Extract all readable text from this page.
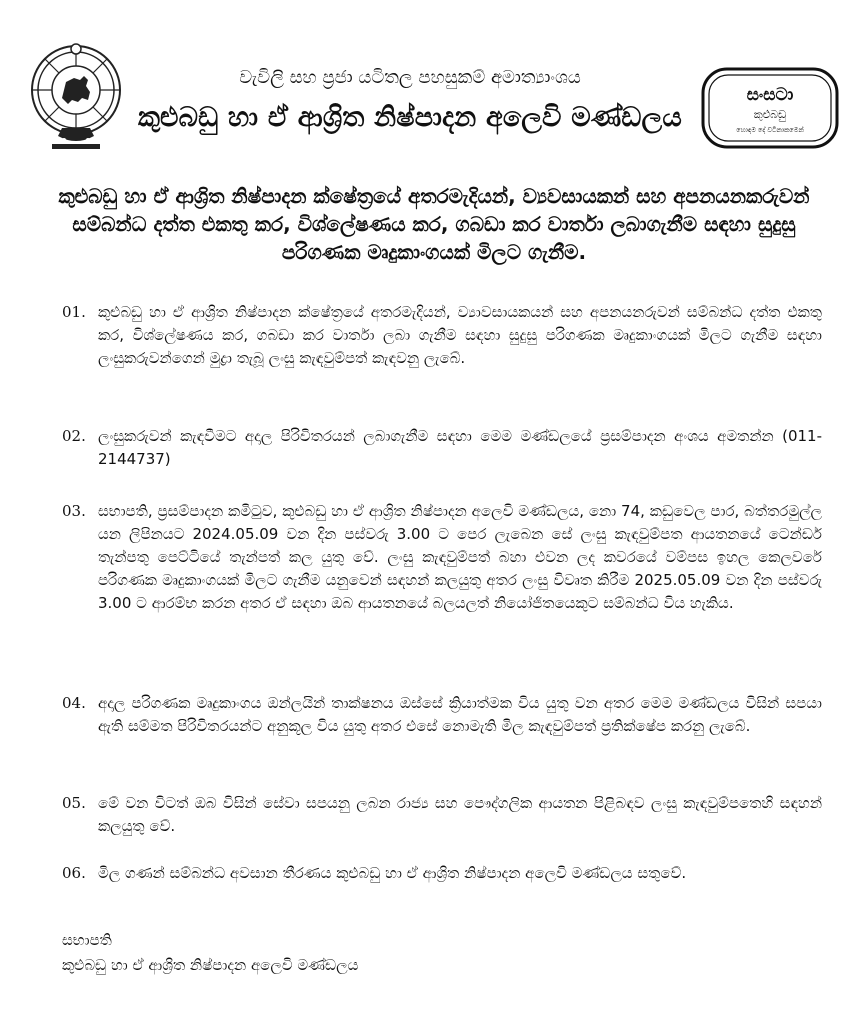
වැවිලි සහ ප්‍රජා යටිතල පහසුකම් අමාත්‍යාංශය
කුළුබඩු හා ඒ ආශ්‍රිත නිෂ්පාදන අලෙවි මණ්ඩලය
සංසටා
කුළුබඩු
හොඳම දේ වටිනාකමෙන්
කුළුබඩු හා ඒ ආශ්‍රිත නිෂ්පාදන ක්ෂේත්‍රයේ අතරමැදියන්, ව්‍යවසායකන් සහ අපනයනකරුවන් සම්බන්ධ දත්ත එකතු කර, විශ්ලේෂණය කර, ගබඩා කර වාර්තා ලබාගැනීම සඳහා සුදුසු පරිගණක මෘදුකාංගයක් මිලට ගැනීම.
01. කුළුබඩු හා ඒ ආශ්‍රිත නිෂ්පාදන ක්ෂේත්‍රයේ අතරමැදියන්, ව්‍යාවසායකයන් සහ අපනයනරුවන් සම්බන්ධ දත්ත එකතු කර, විශ්ලේෂණය කර, ගබඩා කර වාර්තා ලබා ගැනීම සඳහා සුදුසු පරිගණක මෘදුකාංගයක් මිලට ගැනීම සඳහා ලංසුකරුවන්ගෙන් මුද්‍රා තැබූ ලංසු කැඳවුම්පත් කැඳවනු ලැබේ.
02. ලංසුකරුවන් කැඳවීමට අදාල පිරිවිතරයන් ලබාගැනීම සඳහා මෙම මණ්ඩලයේ ප්‍රසම්පාදන අංශය අමතන්න (011-2144737)
03. සභාපති, ප්‍රසම්පාදන කමිටුව, කුළුබඩු හා ඒ ආශ්‍රිත නිෂ්පාදන අලෙවි මණ්ඩලය, නො 74, කඩුවෙල පාර, බත්තරමුල්ල යන ලිපිනයට 2024.05.09 වන දින පස්වරු 3.00 ට පෙර ලැබෙන සේ ලංසු කැඳවුම්පත ආයතනයේ ටෙන්ඩර් තැන්පතු පෙට්ටියේ තැන්පත් කල යුතු වේ. ලංසු කැඳවුම්පත් බහා එවන ලද කවරයේ වම්පස ඉහල කෙලවරේ පරිගණක මෘදුකාංගයක් මිලට ගැනීම යනුවෙන් සඳහන් කලයුතු අතර ලංසු විවෘත කිරීම 2025.05.09 වන දින පස්වරු 3.00 ට ආරම්භ කරන අතර ඒ සඳහා ඔබ ආයතනයේ බලයලත් නියෝජිතයෙකුට සම්බන්ධ විය හැකිය.
04. අදාල පරිගණක මෘදුකාංගය ඔන්ලයින් තාක්ෂනය ඔස්සේ ක්‍රියාත්මක විය යුතු වන අතර මෙම මණ්ඩලය විසින් සපයා ඇති සම්මත පිරිවිතරයන්ට අනුකූල විය යුතු අතර එසේ නොමැති මිල කැඳවුම්පත් ප්‍රතික්ෂේප කරනු ලැබේ.
05. මේ වන විටත් ඔබ විසින් සේවා සපයනු ලබන රාජ්‍ය සහ පෞද්ගලික ආයතන පිළිබඳව ලංසු කැඳවුම්පතෙහි සඳහන් කලයුතු වේ.
06. මිල ගණන් සම්බන්ධ අවසාන තීරණය කුළුබඩු හා ඒ ආශ්‍රිත නිෂ්පාදන අලෙවි මණ්ඩලය සතුවේ.
සභාපති
කුළුබඩු හා ඒ ආශ්‍රිත නිෂ්පාදන අලෙවි මණ්ඩලය
